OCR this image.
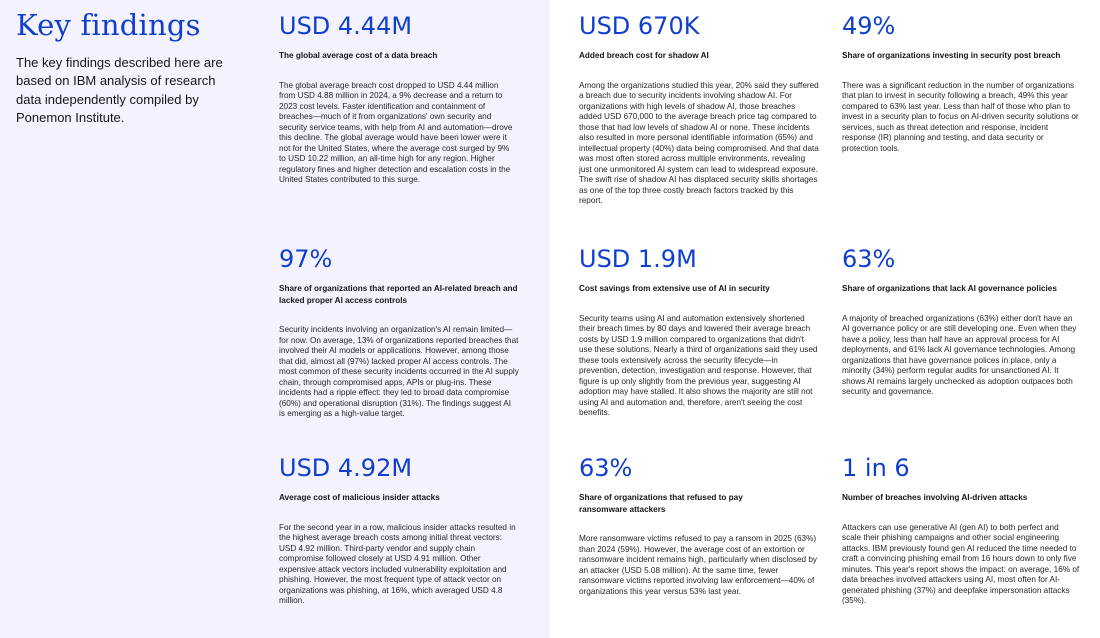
Key findings

The key findings described here are based on IBM analysis of research data independently compiled by Ponemon Institute.

USD 4.44M
The global average cost of a data breach
The global average breach cost dropped to USD 4.44 million from USD 4.88 million in 2024, a 9% decrease and a return to 2023 cost levels. Faster identification and containment of breaches—much of it from organizations' own security and security service teams, with help from AI and automation—drove this decline. The global average would have been lower were it not for the United States, where the average cost surged by 9% to USD 10.22 million, an all-time high for any region. Higher regulatory fines and higher detection and escalation costs in the United States contributed to this surge.
USD 670K
Added breach cost for shadow AI
Among the organizations studied this year, 20% said they suffered a breach due to security incidents involving shadow AI. For organizations with high levels of shadow AI, those breaches added USD 670,000 to the average breach price tag compared to those that had low levels of shadow AI or none. These incidents also resulted in more personal identifiable information (65%) and intellectual property (40%) data being compromised. And that data was most often stored across multiple environments, revealing just one unmonitored AI system can lead to widespread exposure. The swift rise of shadow AI has displaced security skills shortages as one of the top three costly breach factors tracked by this report.
49%
Share of organizations investing in security post breach
There was a significant reduction in the number of organizations that plan to invest in security following a breach, 49% this year compared to 63% last year. Less than half of those who plan to invest in a security plan to focus on AI-driven security solutions or services, such as threat detection and response, incident response (IR) planning and testing, and data security or protection tools.
97%
Share of organizations that reported an AI-related breach and lacked proper AI access controls
Security incidents involving an organization's AI remain limited—for now. On average, 13% of organizations reported breaches that involved their AI models or applications. However, among those that did, almost all (97%) lacked proper AI access controls. The most common of these security incidents occurred in the AI supply chain, through compromised apps, APIs or plug-ins. These incidents had a ripple effect: they led to broad data compromise (60%) and operational disruption (31%). The findings suggest AI is emerging as a high-value target.
USD 1.9M
Cost savings from extensive use of AI in security
Security teams using AI and automation extensively shortened their breach times by 80 days and lowered their average breach costs by USD 1.9 million compared to organizations that didn't use these solutions. Nearly a third of organizations said they used these tools extensively across the security lifecycle—in prevention, detection, investigation and response. However, that figure is up only slightly from the previous year, suggesting AI adoption may have stalled. It also shows the majority are still not using AI and automation and, therefore, aren't seeing the cost benefits.
63%
Share of organizations that lack AI governance policies
A majority of breached organizations (63%) either don't have an AI governance policy or are still developing one. Even when they have a policy, less than half have an approval process for AI deployments, and 61% lack AI governance technologies. Among organizations that have governance polices in place, only a minority (34%) perform regular audits for unsanctioned AI. It shows AI remains largely unchecked as adoption outpaces both security and governance.
USD 4.92M
Average cost of malicious insider attacks
For the second year in a row, malicious insider attacks resulted in the highest average breach costs among initial threat vectors: USD 4.92 million. Third-party vendor and supply chain compromise followed closely at USD 4.91 million. Other expensive attack vectors included vulnerability exploitation and phishing. However, the most frequent type of attack vector on organizations was phishing, at 16%, which averaged USD 4.8 million.
63%
Share of organizations that refused to pay ransomware attackers
More ransomware victims refused to pay a ransom in 2025 (63%) than 2024 (59%). However, the average cost of an extortion or ransomware incident remains high, particularly when disclosed by an attacker (USD 5.08 million). At the same time, fewer ransomware victims reported involving law enforcement—40% of organizations this year versus 53% last year.
1 in 6
Number of breaches involving AI-driven attacks
Attackers can use generative AI (gen AI) to both perfect and scale their phishing campaigns and other social engineering attacks. IBM previously found gen AI reduced the time needed to craft a convincing phishing email from 16 hours down to only five minutes. This year's report shows the impact: on average, 16% of data breaches involved attackers using AI, most often for AI-generated phishing (37%) and deepfake impersonation attacks (35%).
